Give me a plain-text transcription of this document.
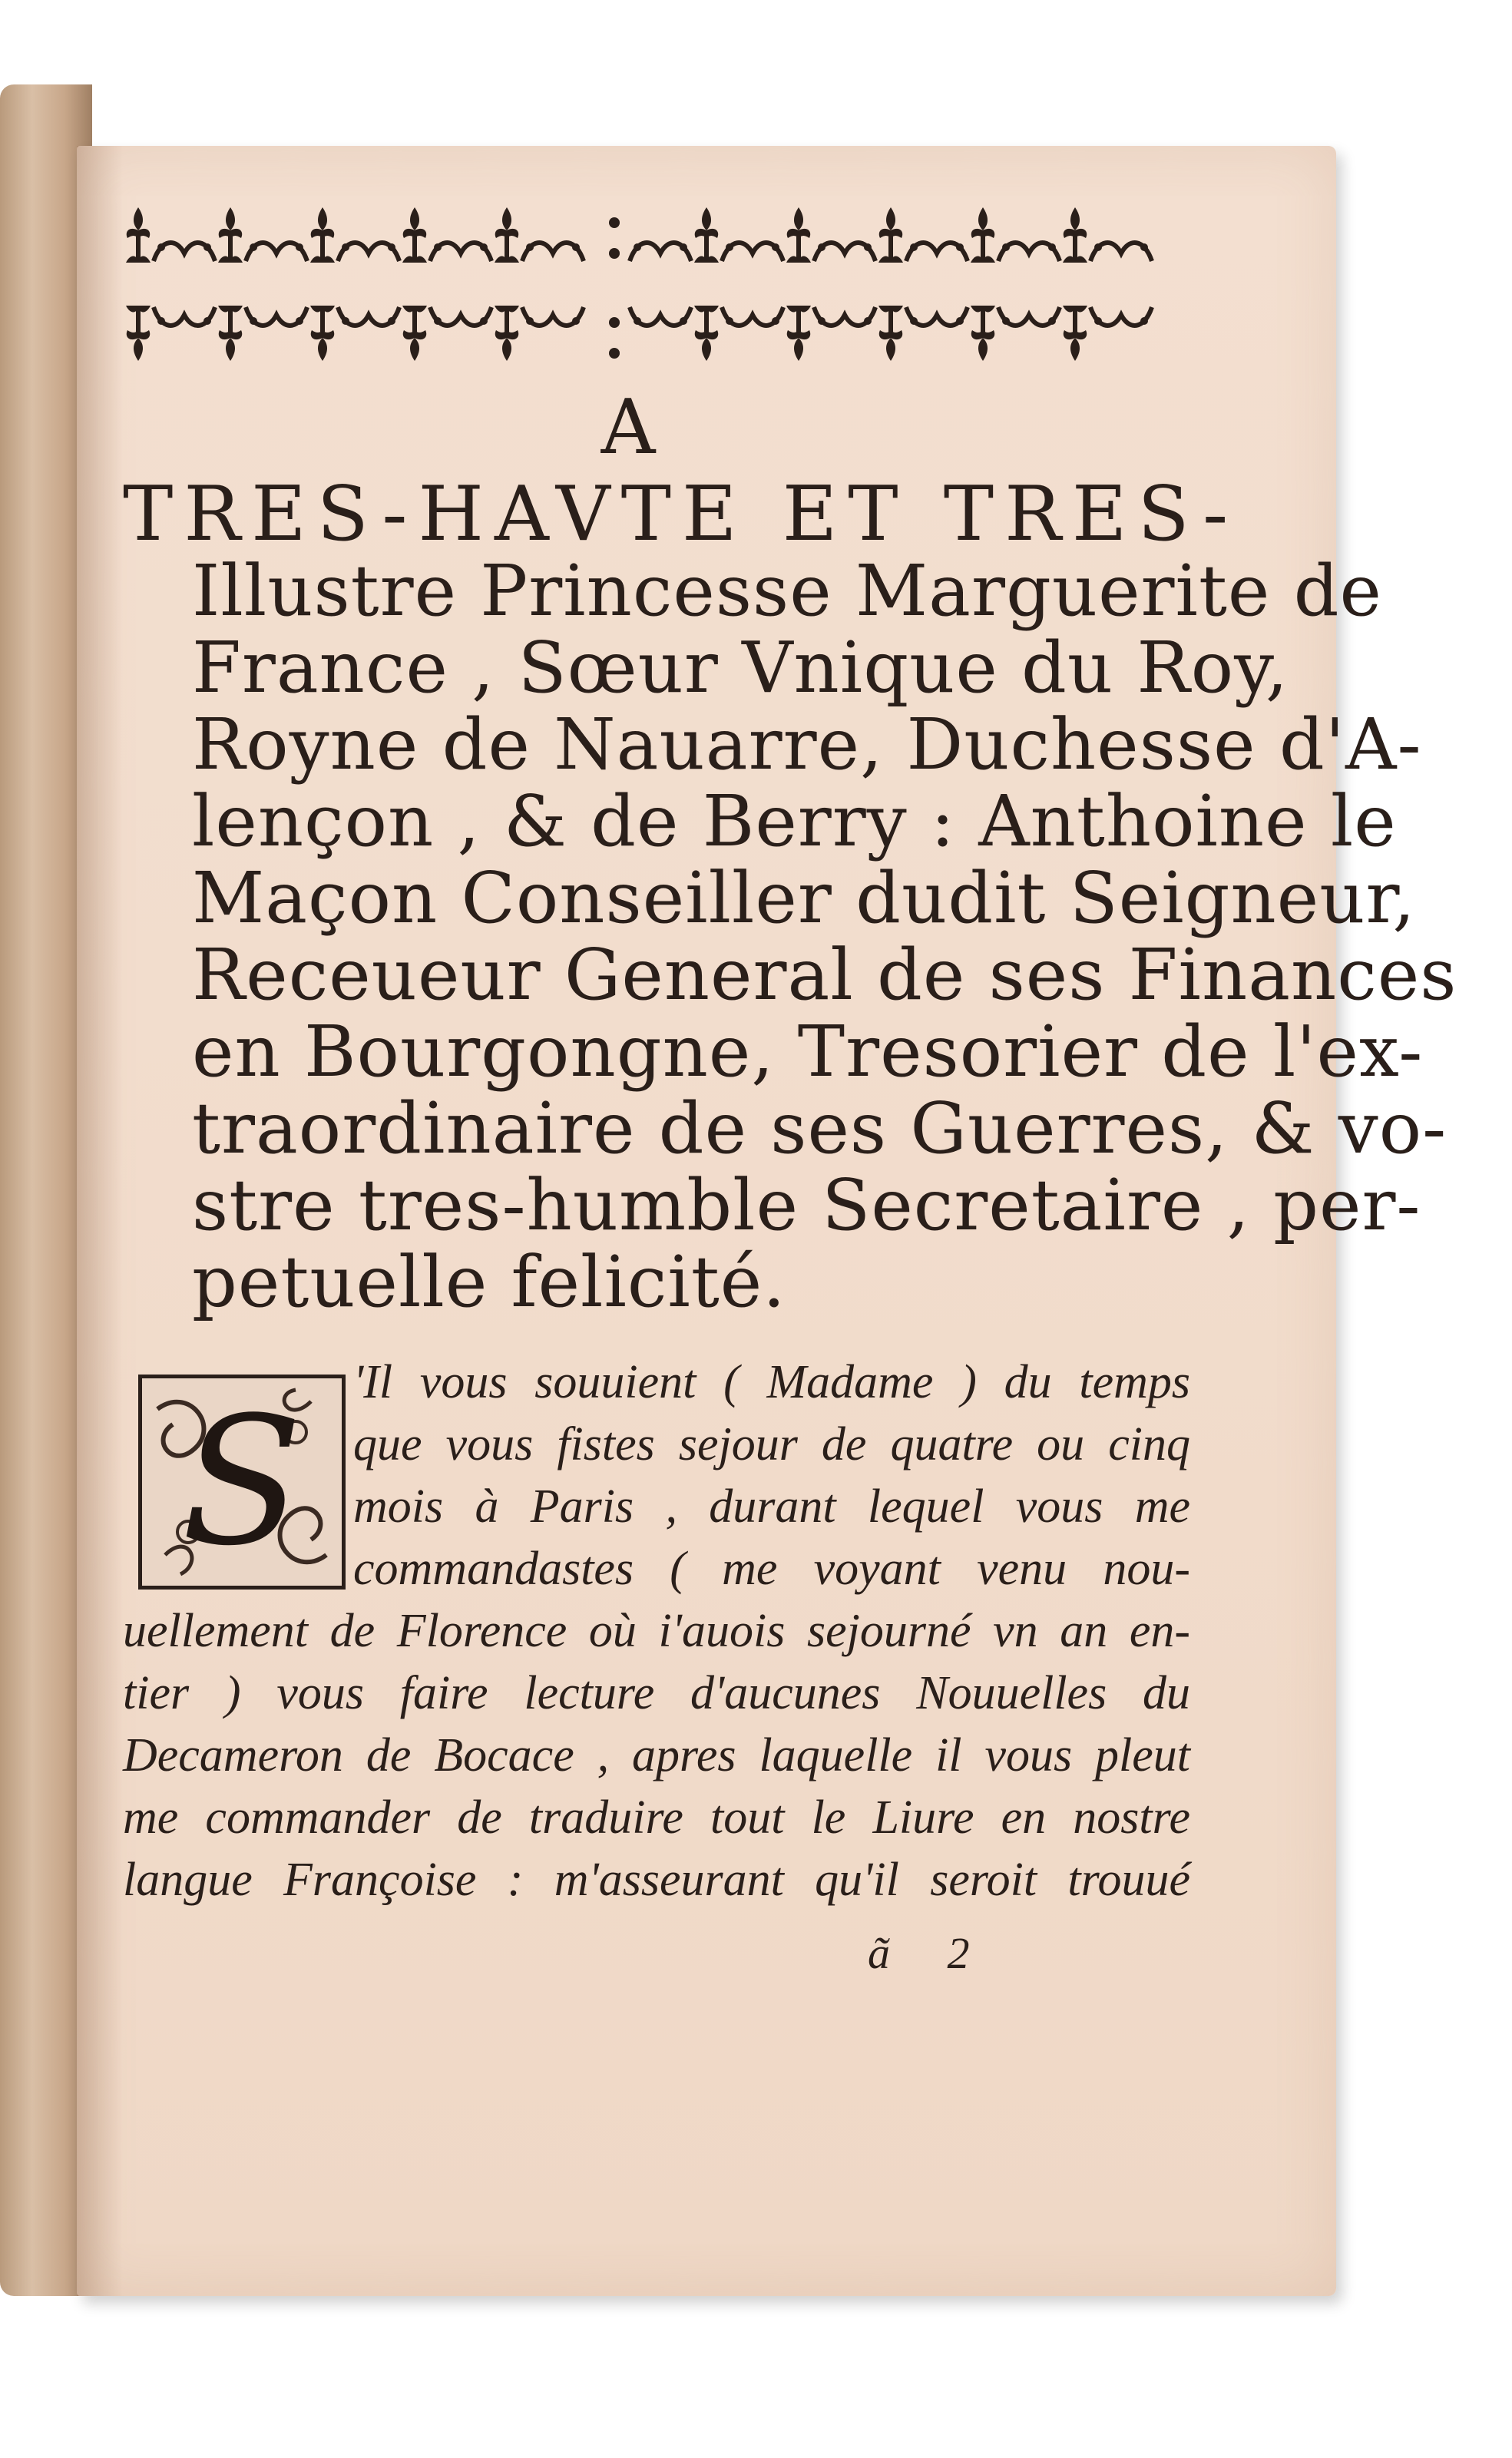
A
TRES-HAVTE ET TRES-
Illustre Princesse Marguerite de
France , Sœur Vnique du Roy,
Royne de Nauarre, Duchesse d'A-
lençon , & de Berry : Anthoine le
Maçon Conseiller dudit Seigneur,
Receueur General de ses Finances
en Bourgongne, Tresorier de l'ex-
traordinaire de ses Guerres, & vo-
stre tres-humble Secretaire , per-
petuelle felicité.
S	'Il vous souuient ( Madame ) du temps
que vous fistes sejour de quatre ou cinq
mois à Paris , durant lequel vous me
commandastes ( me voyant venu nou-
uellement de Florence où i'auois sejourné vn an en-
tier ) vous faire lecture d'aucunes Nouuelles du
Decameron de Bocace , apres laquelle il vous pleut
me commander de traduire tout le Liure en nostre
langue Françoise : m'asseurant qu'il seroit trouué
ã 2
